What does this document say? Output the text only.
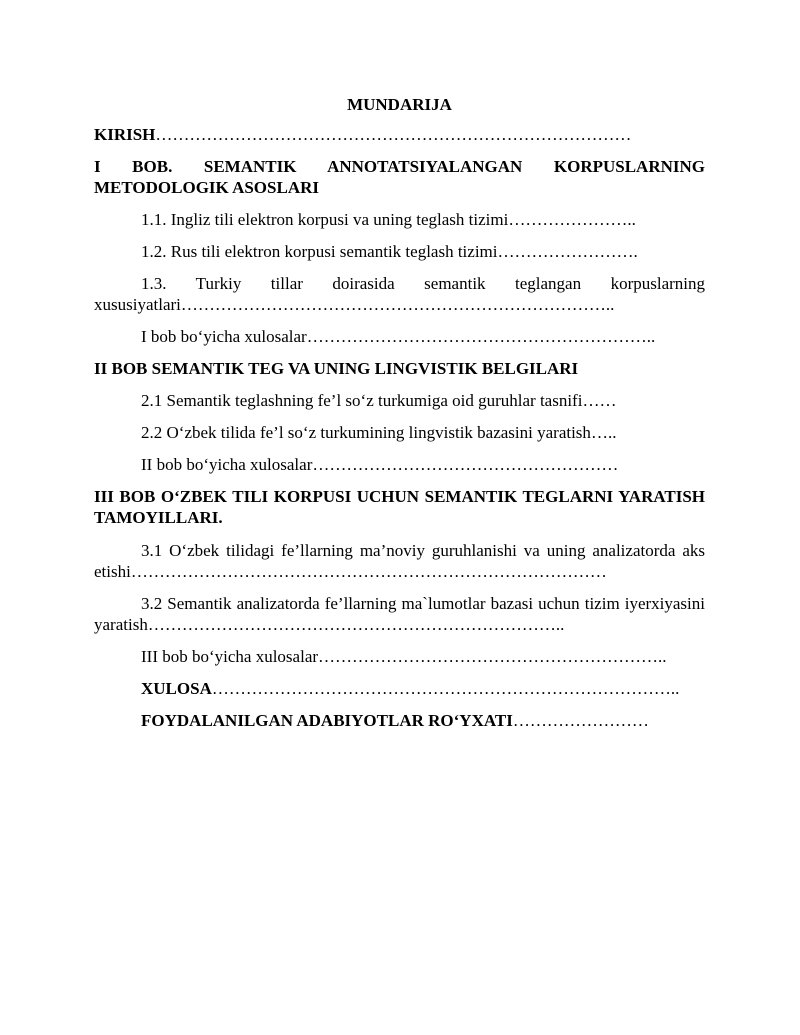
MUNDARIJA
KIRISH…………………………………………………………………………
I BOB. SEMANTIK ANNOTATSIYALANGAN KORPUSLARNING METODOLOGIK ASOSLARI
1.1. Ingliz tili elektron korpusi va uning teglash tizimi…………………..
1.2. Rus tili elektron korpusi semantik teglash tizimi…………………….
1.3. Turkiy tillar doirasida semantik teglangan korpuslarning xususiyatlari…………………………………………………………………..
I bob bo‘yicha xulosalar……………………………………………………..
II BOB SEMANTIK TEG VA UNING LINGVISTIK BELGILARI
2.1 Semantik teglashning fe’l so‘z turkumiga oid guruhlar tasnifi……
2.2 O‘zbek tilida fe’l so‘z turkumining lingvistik bazasini yaratish…..
II bob bo‘yicha xulosalar………………………………………………
III BOB O‘ZBEK TILI KORPUSI UCHUN SEMANTIK TEGLARNI YARATISH TAMOYILLARI.
3.1 O‘zbek tilidagi fe’llarning ma’noviy guruhlanishi va uning analizatorda aks etishi…………………………………………………………………………
3.2 Semantik analizatorda fe’llarning ma`lumotlar bazasi uchun tizim iyerxiyasini yaratish………………………………………………………………..
III bob bo‘yicha xulosalar……………………………………………………..
XULOSA………………………………………………………………………..
FOYDALANILGAN ADABIYOTLAR RO‘YXATI……………………
